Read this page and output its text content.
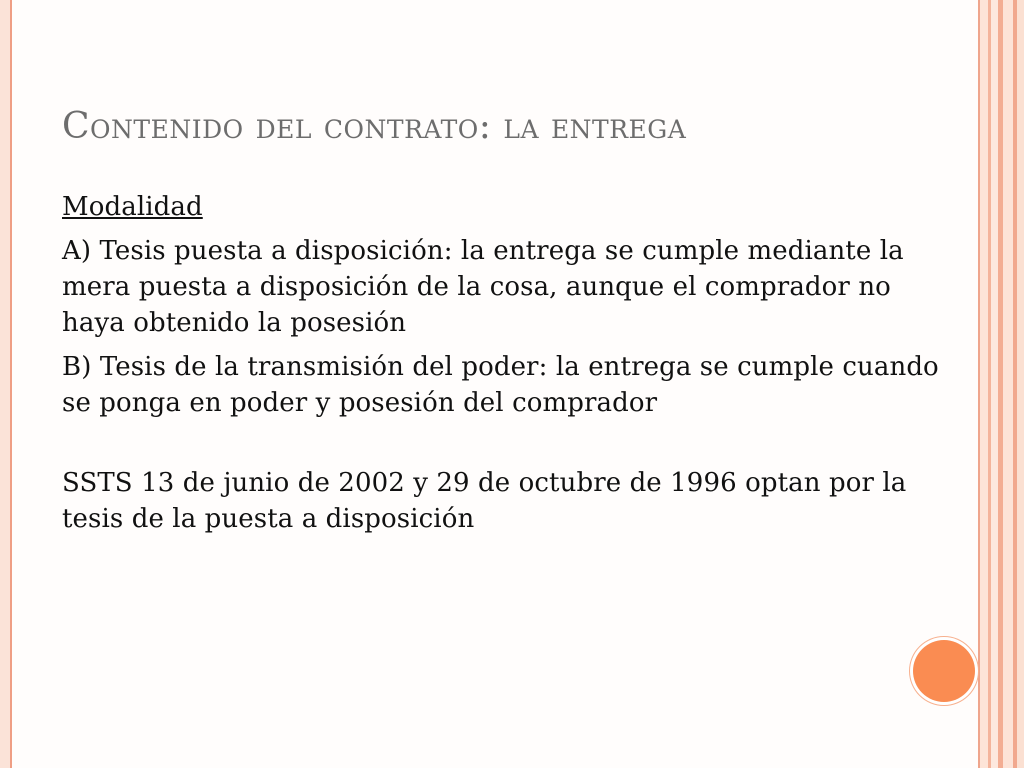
Contenido del contrato: la entrega

Modalidad

A) Tesis puesta a disposición: la entrega se cumple mediante la mera puesta a disposición de la cosa, aunque el comprador no haya obtenido la posesión

B) Tesis de la transmisión del poder: la entrega se cumple cuando se ponga en poder y posesión del comprador

SSTS 13 de junio de 2002 y 29 de octubre de 1996 optan por la tesis de la puesta a disposición
